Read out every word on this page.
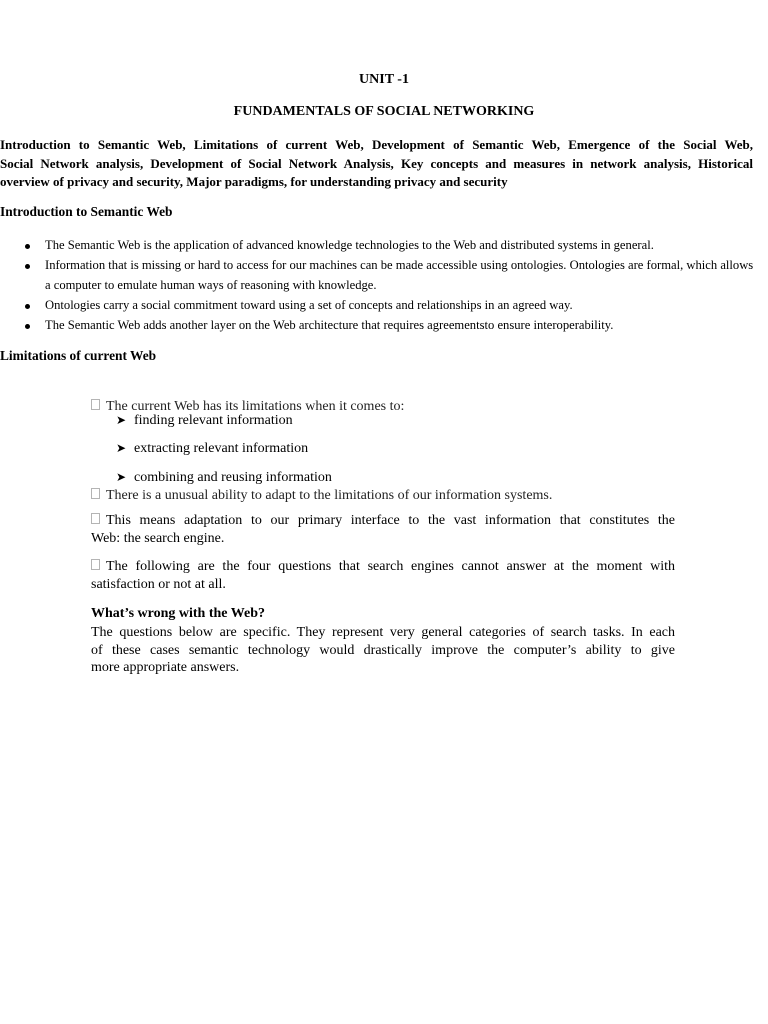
UNIT -1
FUNDAMENTALS OF SOCIAL NETWORKING
Introduction to Semantic Web, Limitations of current Web, Development of Semantic Web, Emergence of the Social Web,
Social Network analysis, Development of Social Network Analysis, Key concepts and measures in network analysis, Historical
overview of privacy and security, Major paradigms, for understanding privacy and security
Introduction to Semantic Web
The Semantic Web is the application of advanced knowledge technologies to the Web and distributed systems in general.
Information that is missing or hard to access for our machines can be made accessible using ontologies. Ontologies are formal, which allows a computer to emulate human ways of reasoning with knowledge.
Ontologies carry a social commitment toward using a set of concepts and relationships in an agreed way.
The Semantic Web adds another layer on the Web architecture that requires agreementsto ensure interoperability.
Limitations of current Web
The current Web has its limitations when it comes to:
➤ finding relevant information
➤ extracting relevant information
➤ combining and reusing information
There is a unusual ability to adapt to the limitations of our information systems.
This means adaptation to our primary interface to the vast information that constitutes the
Web: the search engine.
The following are the four questions that search engines cannot answer at the moment with
satisfaction or not at all.
What’s wrong with the Web?
The questions below are specific. They represent very general categories of search tasks. In each
of these cases semantic technology would drastically improve the computer’s ability to give
more appropriate answers.
